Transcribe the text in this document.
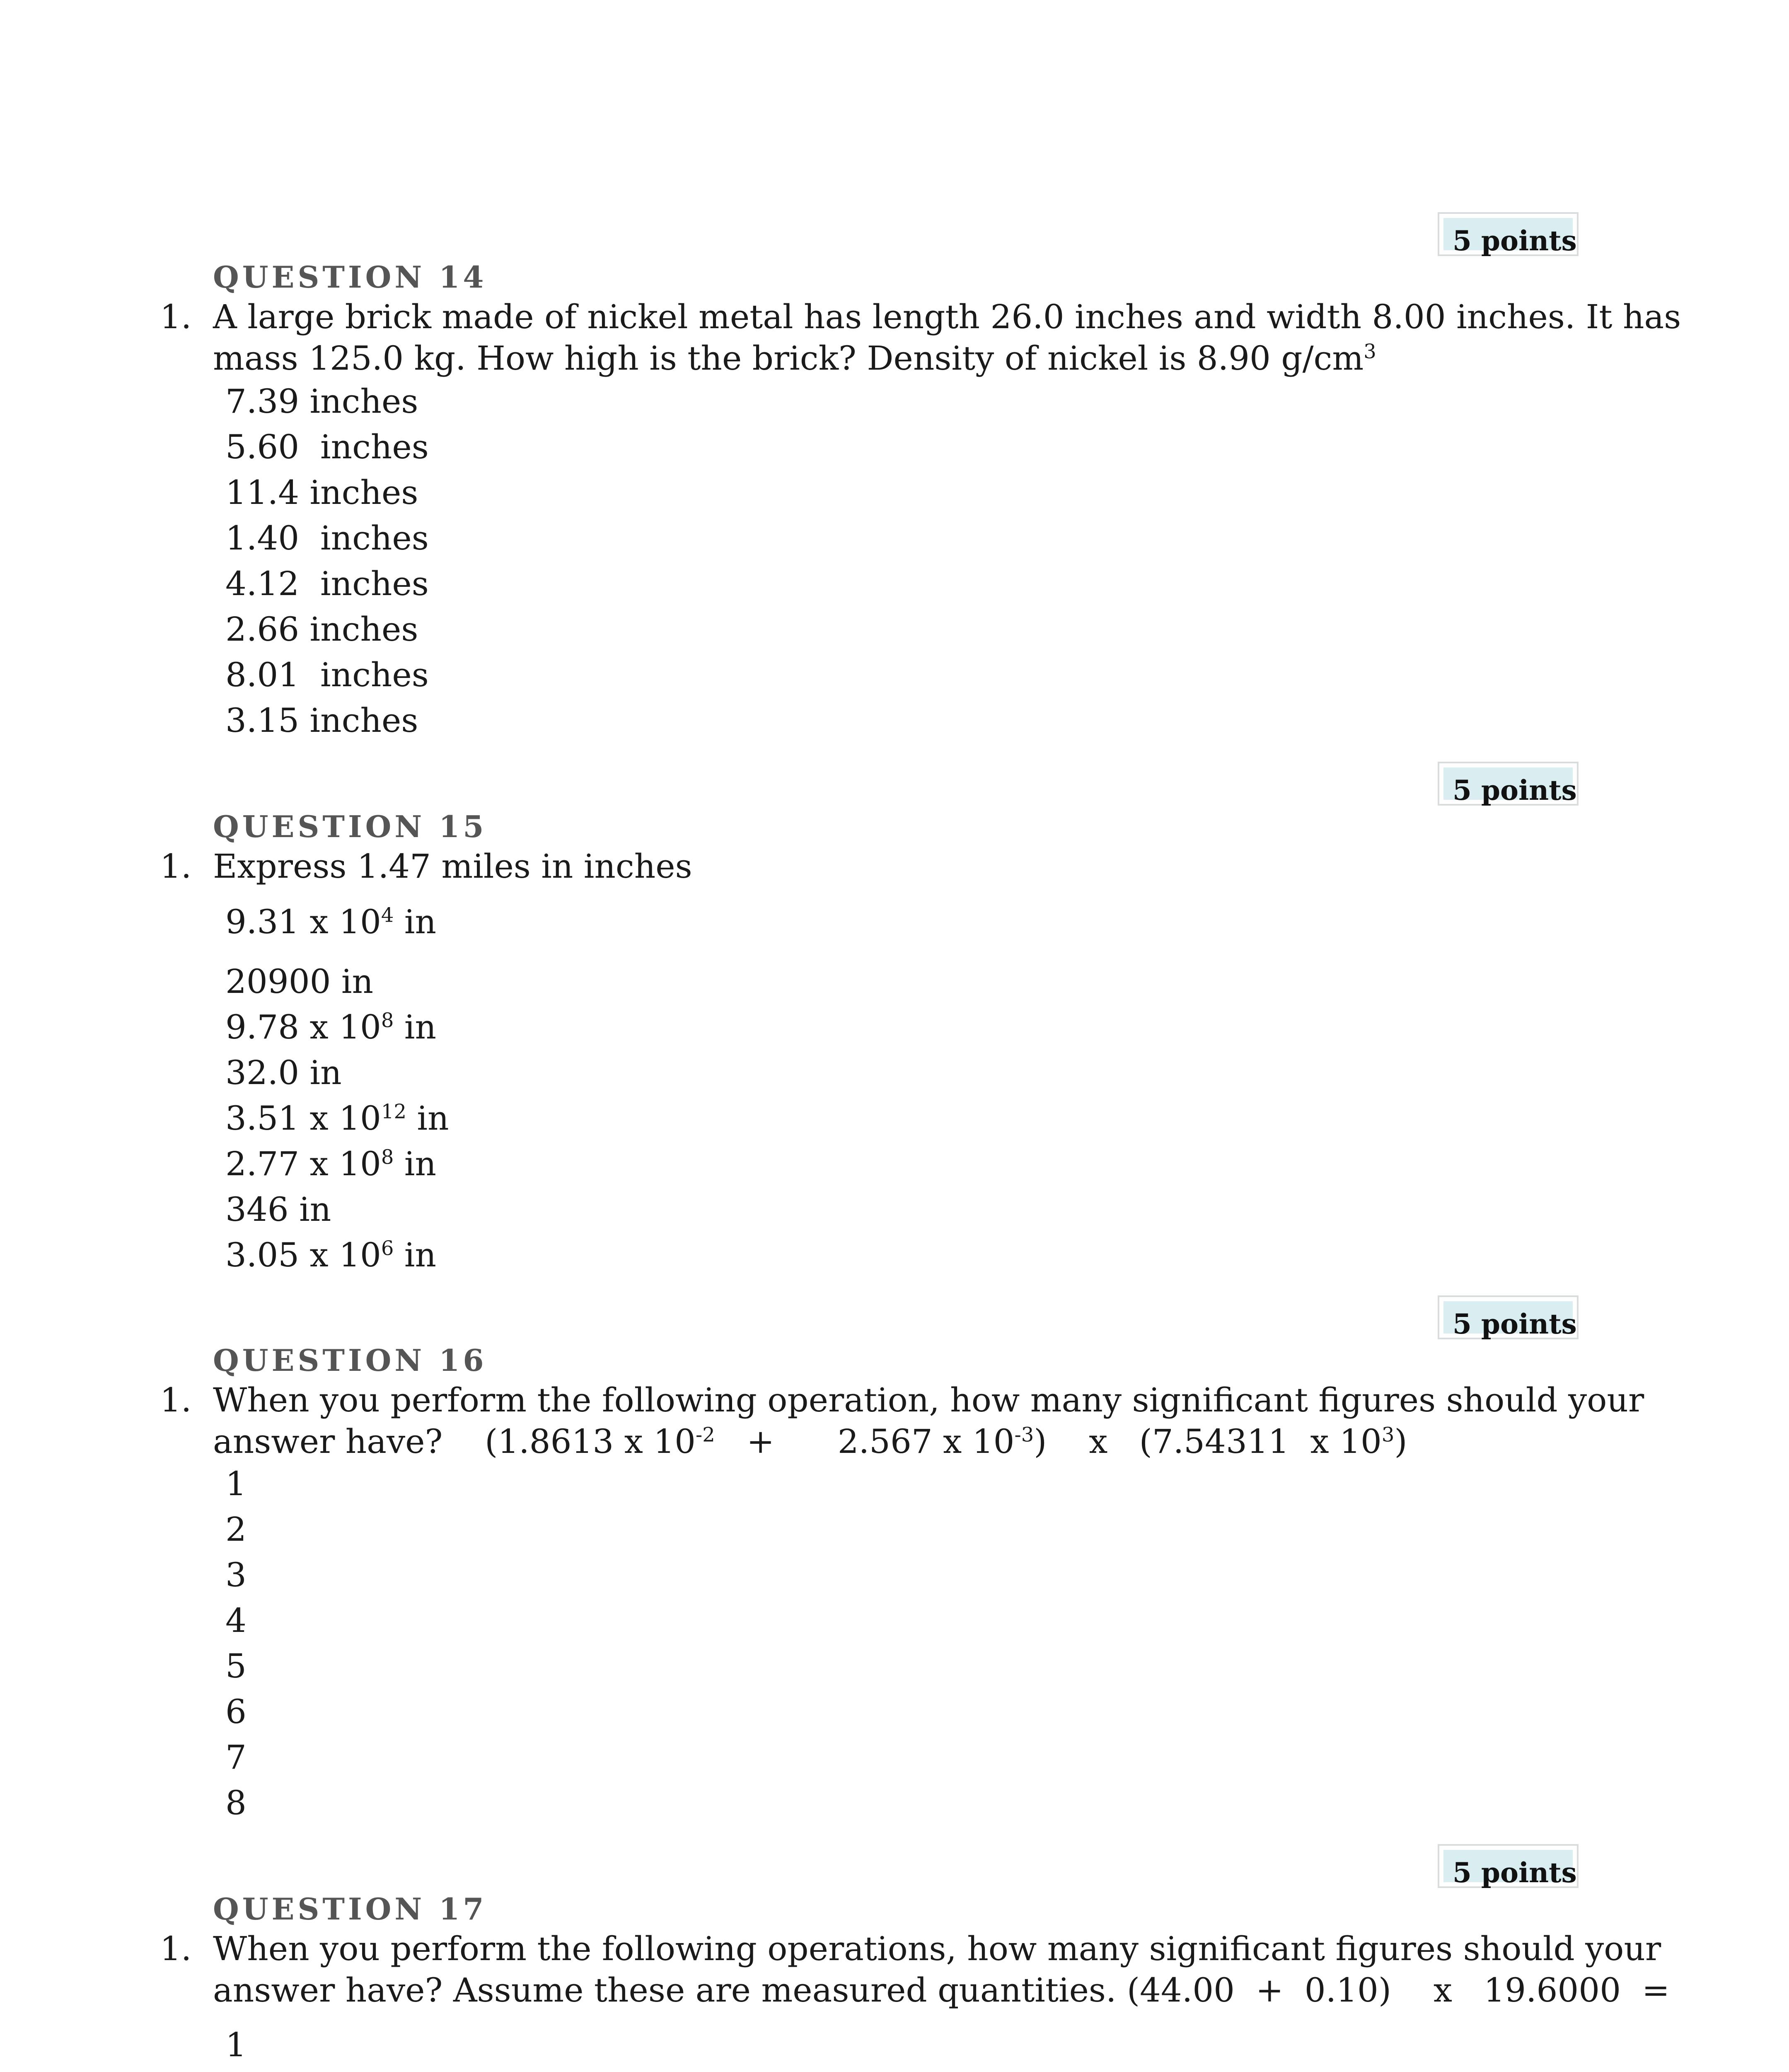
5 points
QUESTION 14
1. A large brick made of nickel metal has length 26.0 inches and width 8.00 inches. It has
mass 125.0 kg. How high is the brick? Density of nickel is 8.90 $g/cm^3$
7.39 inches
5.60  inches
11.4 inches
1.40  inches
4.12  inches
2.66 inches
8.01  inches
3.15 inches
5 points
QUESTION 15
1. Express 1.47 miles in inches
9.31 x $10^4$ in
20900 in
9.78 x $10^8$ in
32.0 in
3.51 x $10^{12}$ in
2.77 x $10^8$ in
346 in
3.05 x $10^6$ in
5 points
QUESTION 16
1. When you perform the following operation, how many significant figures should your
answer have?    (1.8613 x $10^{-2}$   +      2.567 x $10^{-3}$)    x   (7.54311  x $10^3$)
1
2
3
4
5
6
7
8
5 points
QUESTION 17
1. When you perform the following operations, how many significant figures should your
answer have? Assume these are measured quantities. (44.00  +  0.10)    x   19.6000  =
1
